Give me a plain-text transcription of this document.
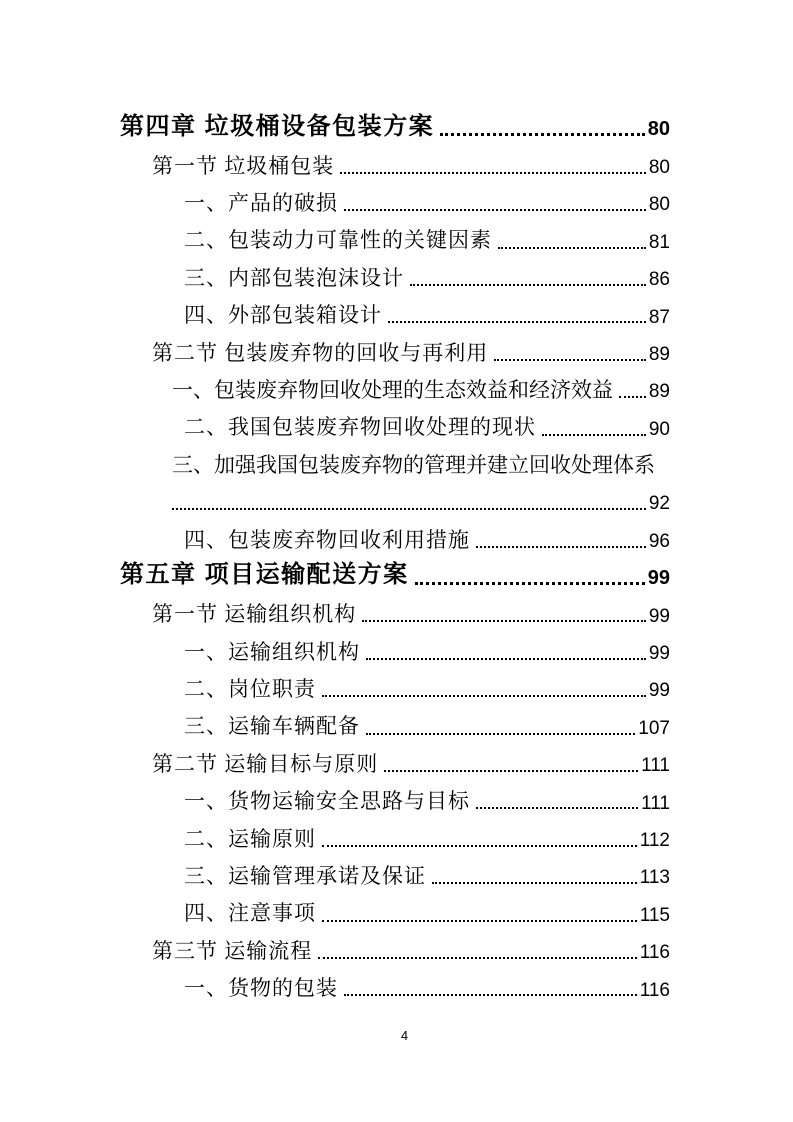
第四章 垃圾桶设备包装方案	80
第一节 垃圾桶包装	80
一、产品的破损	80
二、包装动力可靠性的关键因素	81
三、内部包装泡沫设计	86
四、外部包装箱设计	87
第二节 包装废弃物的回收与再利用	89
一、包装废弃物回收处理的生态效益和经济效益 89
二、我国包装废弃物回收处理的现状	90
三、加强我国包装废弃物的管理并建立回收处理体系
92
四、包装废弃物回收利用措施	96
第五章 项目运输配送方案	99
第一节 运输组织机构	99
一、运输组织机构	99
二、岗位职责	99
三、运输车辆配备	107
第二节 运输目标与原则	111
一、货物运输安全思路与目标	111
二、运输原则	112
三、运输管理承诺及保证	113
四、注意事项	115
第三节 运输流程	116
一、货物的包装	116
4
